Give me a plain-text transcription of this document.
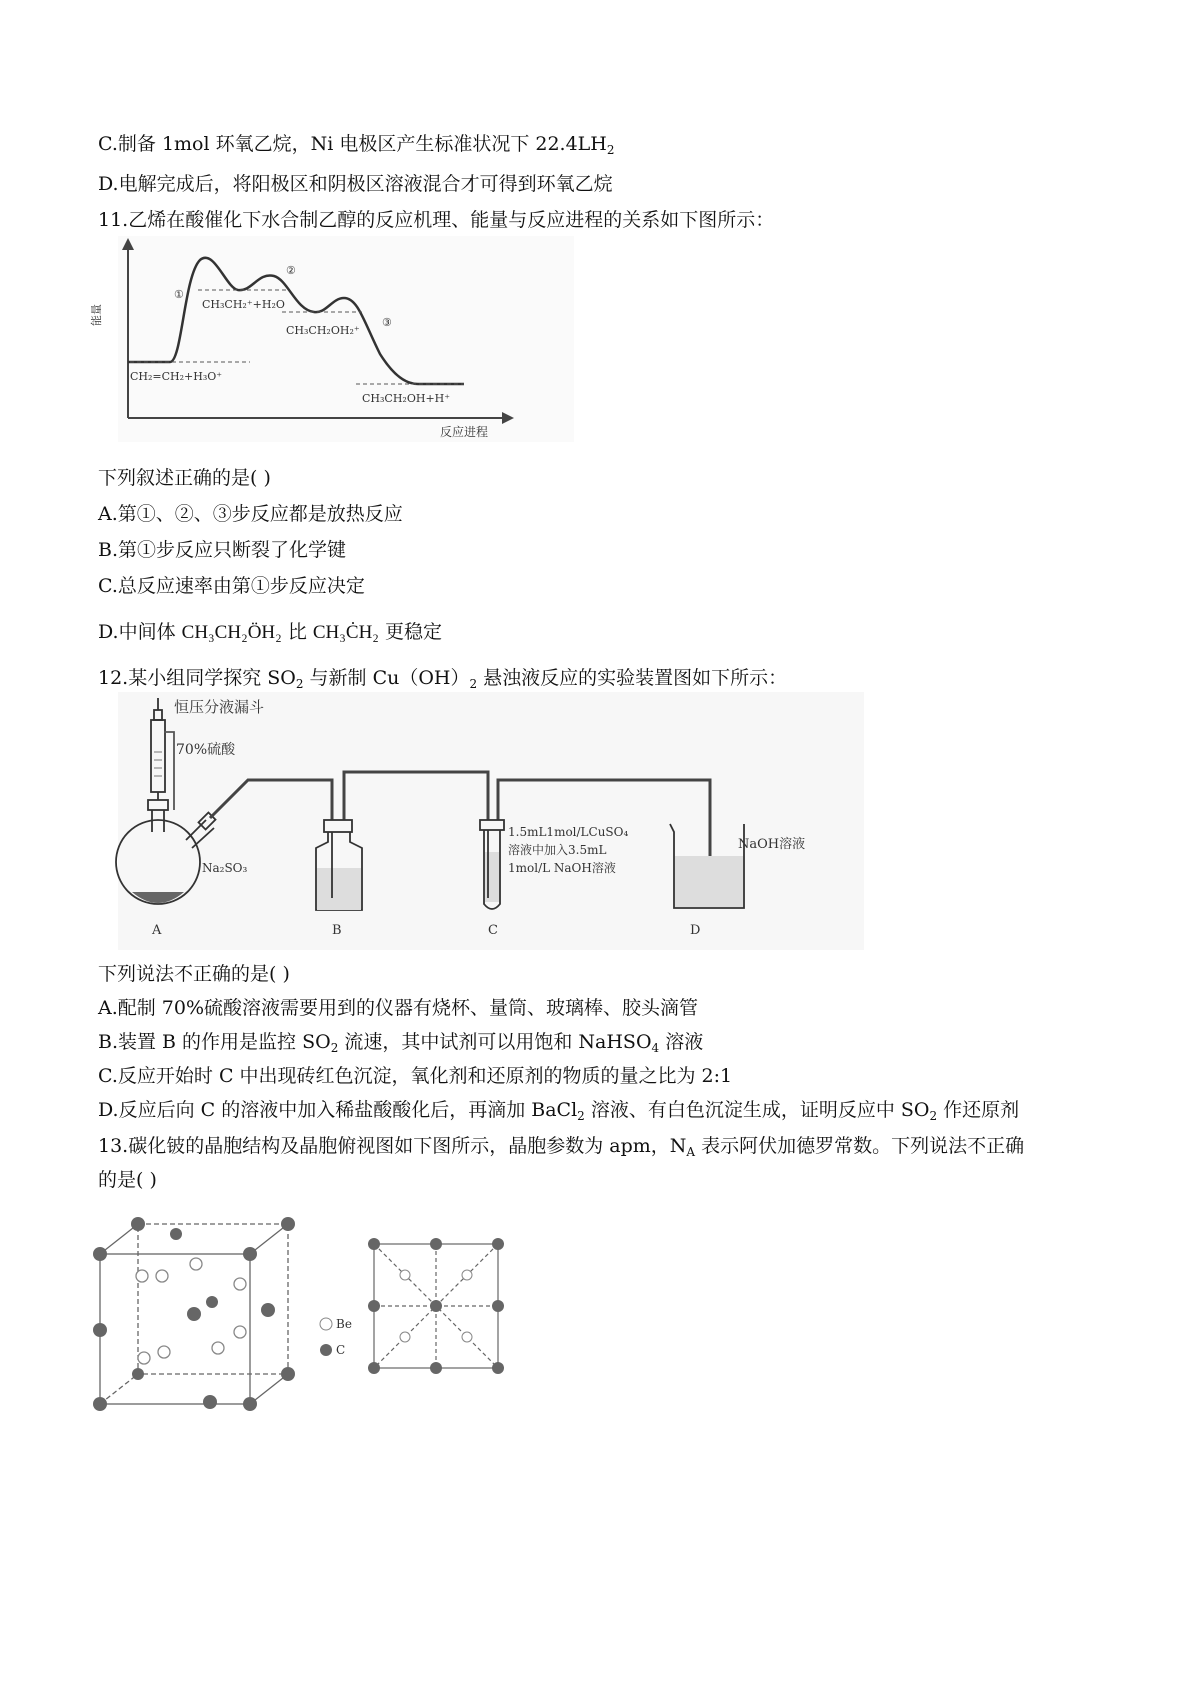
C.制备 1mol 环氧乙烷，Ni 电极区产生标准状况下 $22.4LH_2$
D.电解完成后，将阳极区和阴极区溶液混合才可得到环氧乙烷
11.乙烯在酸催化下水合制乙醇的反应机理、能量与反应进程的关系如下图所示：
能量
反应进程
①
②
③
CH₂=CH₂+H₃O⁺
CH₃CH₂⁺+H₂O
CH₃CH₂OH₂⁺
CH₃CH₂OH+H⁺
下列叙述正确的是( )
A.第①、②、③步反应都是放热反应
B.第①步反应只断裂了化学键
C.总反应速率由第①步反应决定
D.中间体 CH₃CH₂ÖH₂ 比 CH₃ĊH₂ 更稳定
12.某小组同学探究 $SO_2$ 与新制 $Cu(OH)_2$ 悬浊液反应的实验装置图如下所示：
恒压分液漏斗
70%硫酸
Na₂SO₃
1.5mL1mol/LCuSO₄
溶液中加入3.5mL
1mol/L NaOH溶液
NaOH溶液
A	B	C	D
下列说法不正确的是( )
A.配制 70%硫酸溶液需要用到的仪器有烧杯、量筒、玻璃棒、胶头滴管
B.装置 B 的作用是监控 $SO_2$ 流速，其中试剂可以用饱和 NaHSO$_4$ 溶液
C.反应开始时 C 中出现砖红色沉淀，氧化剂和还原剂的物质的量之比为 2:1
D.反应后向 C 的溶液中加入稀盐酸酸化后，再滴加 BaCl$_2$ 溶液、有白色沉淀生成，证明反应中 $SO_2$ 作还原剂
13.碳化铍的晶胞结构及晶胞俯视图如下图所示，晶胞参数为 apm，$N_A$ 表示阿伏加德罗常数。下列说法不正确
的是( )
Be
C
